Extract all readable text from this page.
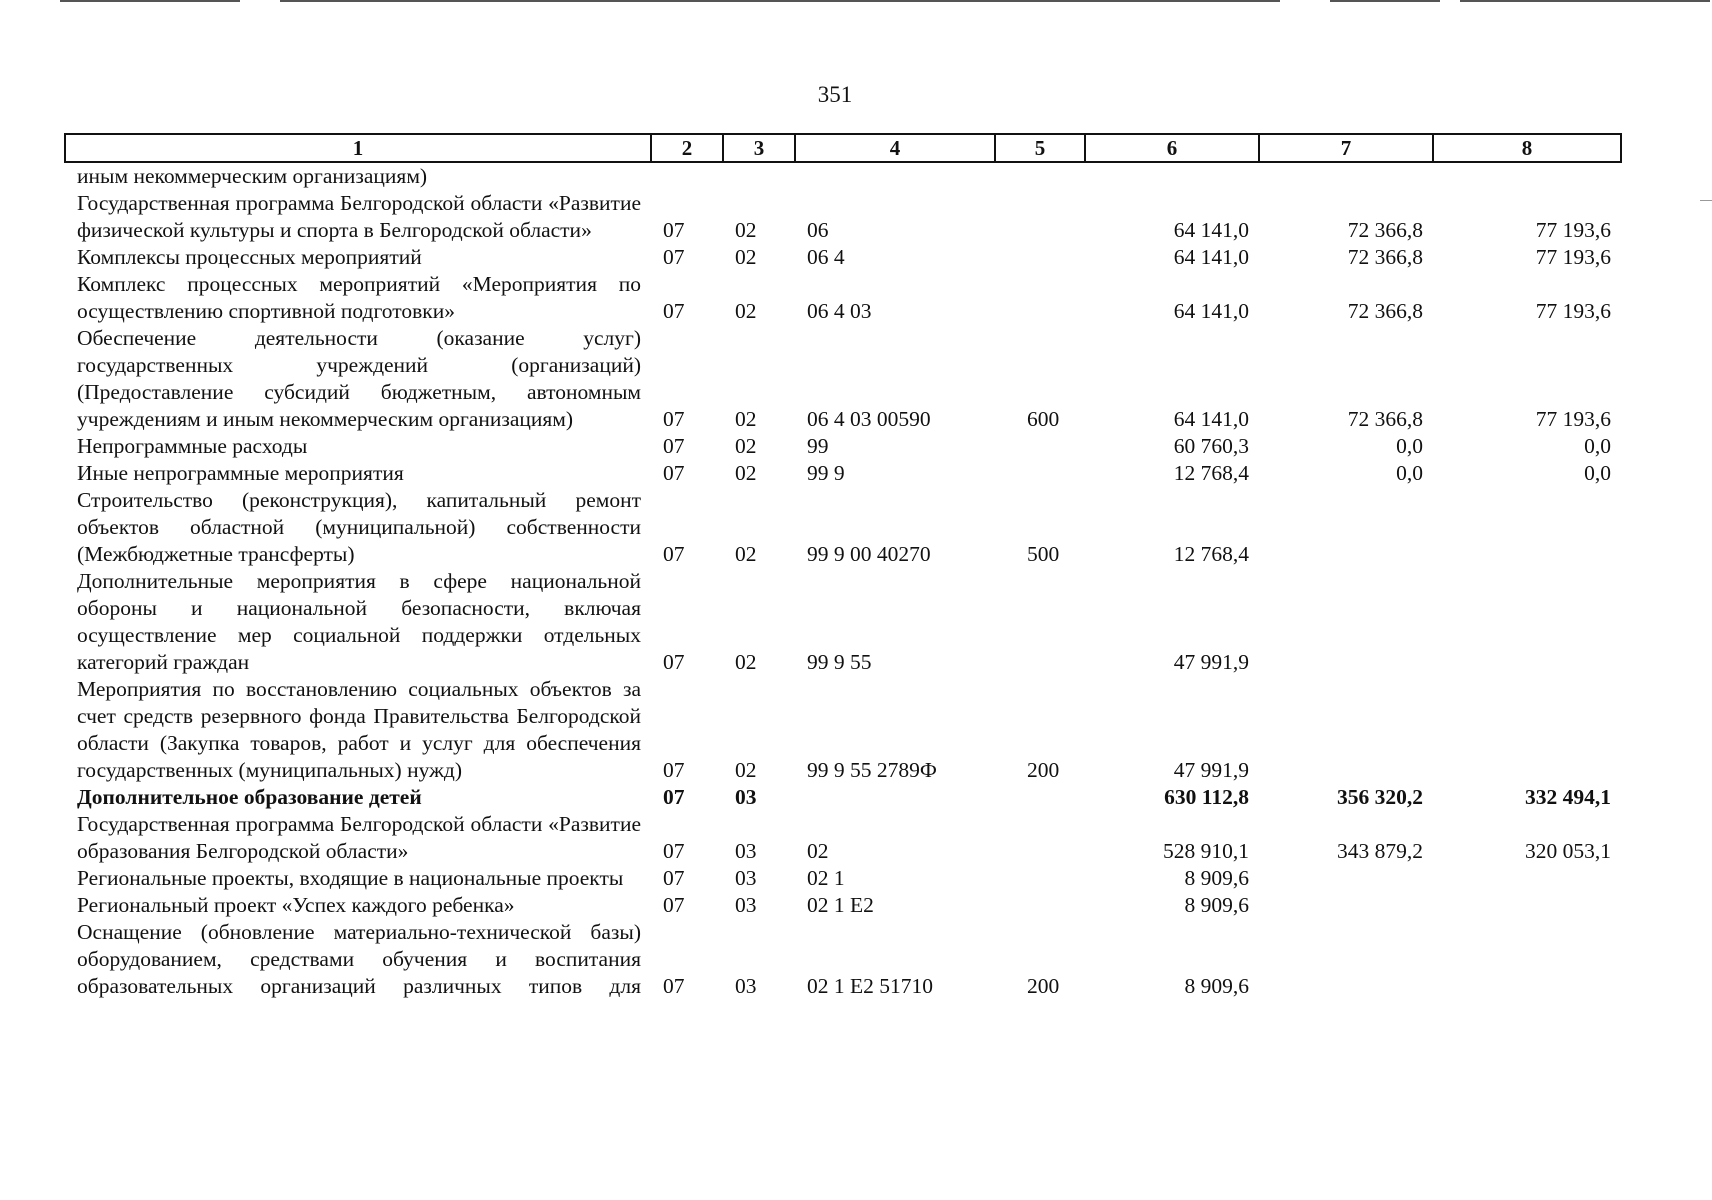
351
1	2	3	4	5	6	7	8
иным некоммерческим организациям)							
Государственная программа Белгородской области «Развитие физической культуры и спорта в Белгородской области»	07	02	06		64 141,0	72 366,8	77 193,6
Комплексы процессных мероприятий	07	02	06 4		64 141,0	72 366,8	77 193,6
Комплекс процессных мероприятий «Мероприятия по осуществлению спортивной подготовки»	07	02	06 4 03		64 141,0	72 366,8	77 193,6
Обеспечение деятельности (оказание услуг) государственных учреждений (организаций) (Предоставление субсидий бюджетным, автономным учреждениям и иным некоммерческим организациям)	07	02	06 4 03 00590	600	64 141,0	72 366,8	77 193,6
Непрограммные расходы	07	02	99		60 760,3	0,0	0,0
Иные непрограммные мероприятия	07	02	99 9		12 768,4	0,0	0,0
Строительство (реконструкция), капитальный ремонт объектов областной (муниципальной) собственности (Межбюджетные трансферты)	07	02	99 9 00 40270	500	12 768,4		
Дополнительные мероприятия в сфере национальной обороны и национальной безопасности, включая осуществление мер социальной поддержки отдельных категорий граждан	07	02	99 9 55		47 991,9		
Мероприятия по восстановлению социальных объектов за счет средств резервного фонда Правительства Белгородской области (Закупка товаров, работ и услуг для обеспечения государственных (муниципальных) нужд)	07	02	99 9 55 2789Ф	200	47 991,9		
Дополнительное образование детей	07	03			630 112,8	356 320,2	332 494,1
Государственная программа Белгородской области «Развитие образования Белгородской области»	07	03	02		528 910,1	343 879,2	320 053,1
Региональные проекты, входящие в национальные проекты	07	03	02 1		8 909,6		
Региональный проект «Успех каждого ребенка»	07	03	02 1 Е2		8 909,6		
Оснащение (обновление материально-технической базы) оборудованием, средствами обучения и воспитания образовательных организаций различных типов для	07	03	02 1 Е2 51710	200	8 909,6		
